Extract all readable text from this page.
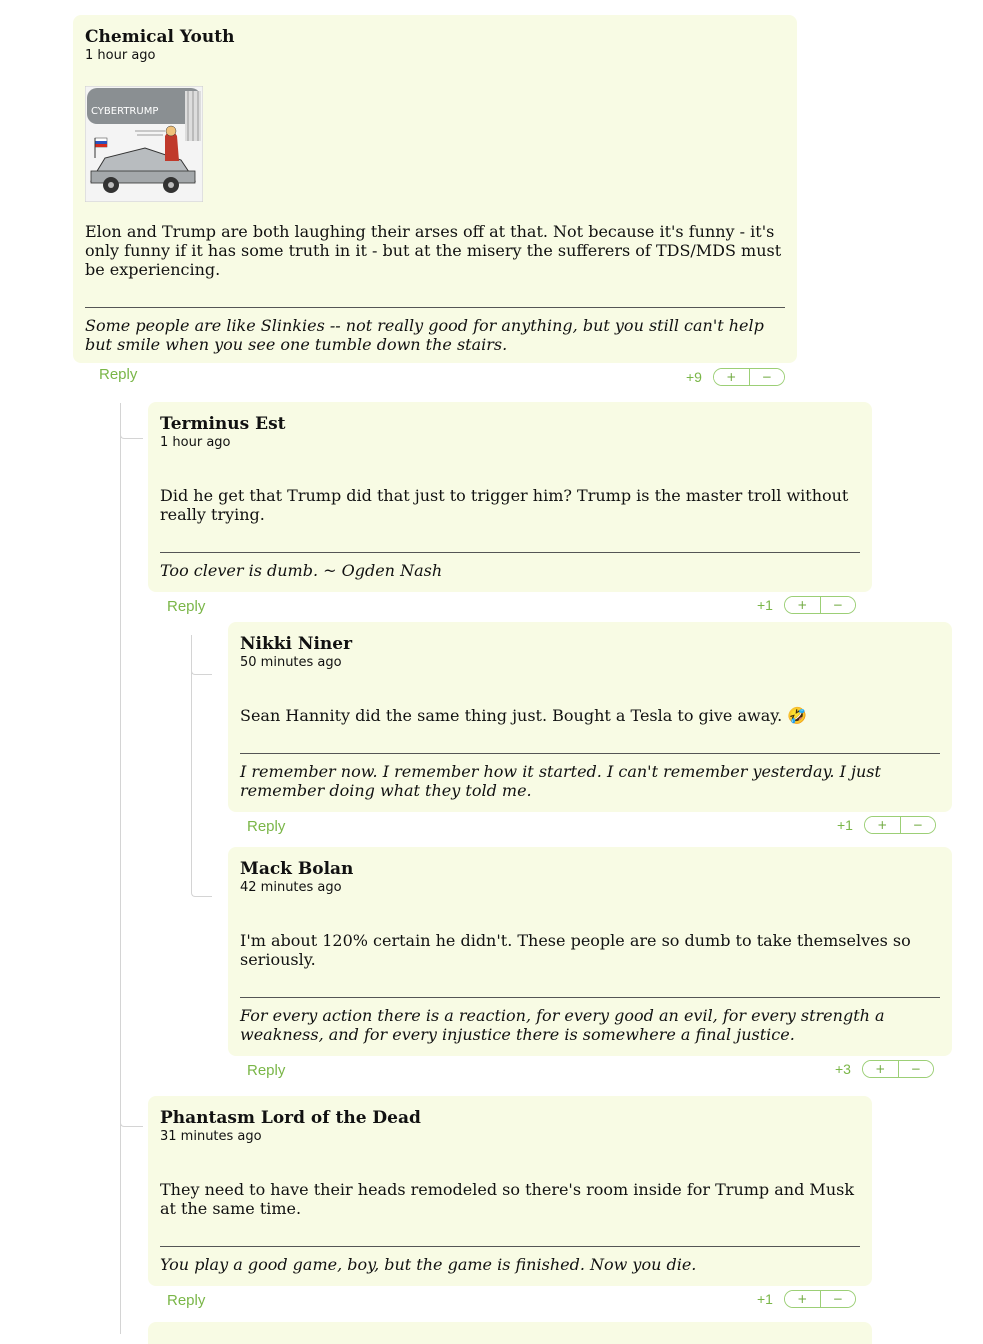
Chemical Youth
1 hour ago
CYBERTRUMP
Elon and Trump are both laughing their arses off at that. Not because it's funny - it's only funny if it has some truth in it - but at the misery the sufferers of TDS/MDS must be experiencing.
Some people are like Slinkies -- not really good for anything, but you still can't help but smile when you see one tumble down the stairs.
Reply	+9	+	−
Terminus Est
1 hour ago
Did he get that Trump did that just to trigger him? Trump is the master troll without really trying.
Too clever is dumb. ~ Ogden Nash
Reply	+1	+	−
Nikki Niner
50 minutes ago
Sean Hannity did the same thing just. Bought a Tesla to give away. 🤣
I remember now. I remember how it started. I can't remember yesterday. I just remember doing what they told me.
Reply	+1	+	−
Mack Bolan
42 minutes ago
I'm about 120% certain he didn't. These people are so dumb to take themselves so seriously.
For every action there is a reaction, for every good an evil, for every strength a weakness, and for every injustice there is somewhere a final justice.
Reply	+3	+	−
Phantasm Lord of the Dead
31 minutes ago
They need to have their heads remodeled so there's room inside for Trump and Musk at the same time.
You play a good game, boy, but the game is finished. Now you die.
Reply	+1	+	−
